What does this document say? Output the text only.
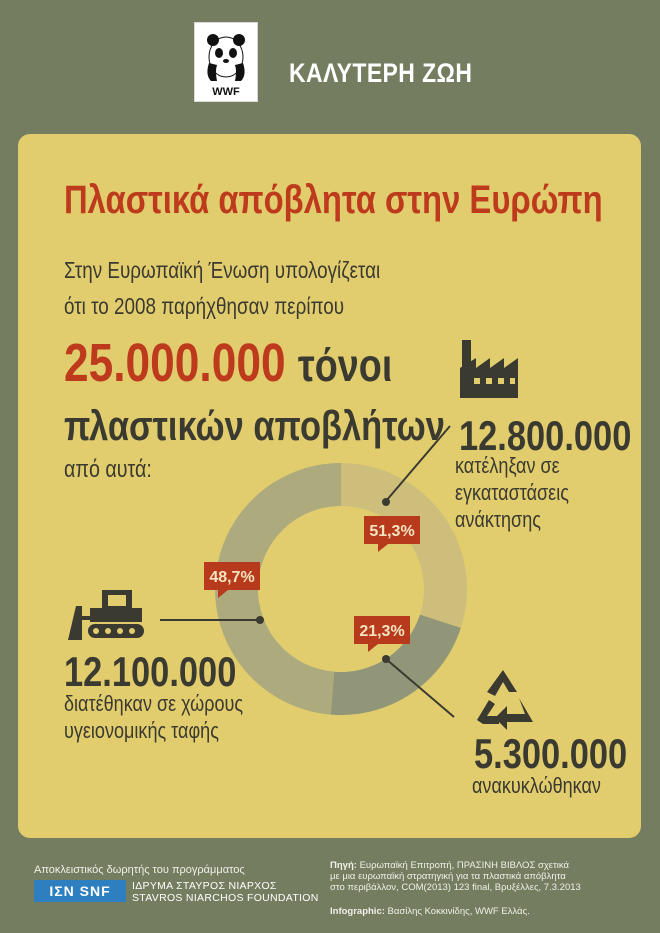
WWF
ΚΑΛΥΤΕΡΗ ΖΩΗ
Πλαστικά απόβλητα στην Ευρώπη
Στην Ευρωπαϊκή Ένωση υπολογίζεται
ότι το 2008 παρήχθησαν περίπου
25.000.000 τόνοι
πλαστικών αποβλήτων
από αυτά:
51,3%
48,7%
21,3%
12.800.000
κατέληξαν σε
εγκαταστάσεις
ανάκτησης
12.100.000
διατέθηκαν σε χώρους
υγειονομικής ταφής	5.300.000
ανακυκλώθηκαν
Αποκλειστικός δωρητής του προγράμματος
ΙΣΝ SNF	ΙΔΡΥΜΑ ΣΤΑΥΡΟΣ ΝΙΑΡΧΟΣ
STAVROS NIARCHOS FOUNDATION
Πηγή: Ευρωπαϊκή Επιτροπή, ΠΡΑΣΙΝΗ ΒΙΒΛΟΣ σχετικά
με μια ευρωπαϊκή στρατηγική για τα πλαστικά απόβλητα
στο περιβάλλον, COM(2013) 123 final, Βρυξέλλες, 7.3.2013
Infographic: Βασίλης Κοκκινίδης, WWF Ελλάς.
